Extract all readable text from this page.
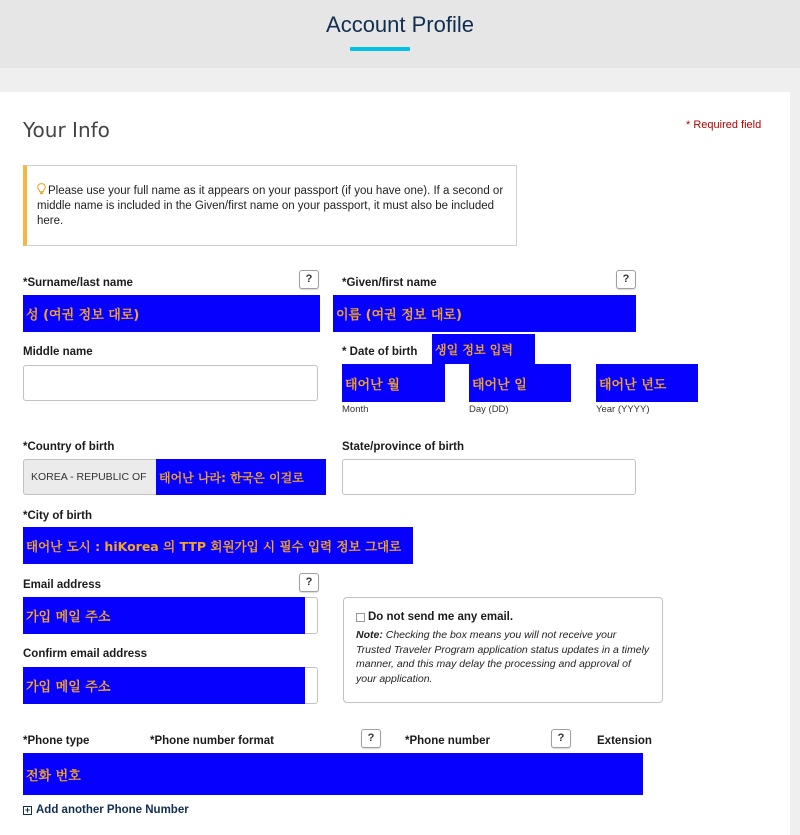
Account Profile
Your Info	* Required field
Please use your full name as it appears on your passport (if you have one). If a second or middle name is included in the Given/first name on your passport, it must also be included here.
*Surname/last name	?
성 (여권 정보 대로)
*Given/first name	?
이름 (여권 정보 대로)
Middle name	* Date of birth 생일 정보 입력
태어난 월	태어난 일	태어난 년도
Month	Day (DD)	Year (YYYY)
*Country of birth
KOREA - REPUBLIC OF	태어난 나라: 한국은 이걸로
State/province of birth
*City of birth
태어난 도시 : hiKorea 의 TTP 회원가입 시 필수 입력 정보 그대로
Email address	?
가입 메일 주소
Confirm email address
가입 메일 주소
Do not send me any email.
Note: Checking the box means you will not receive your Trusted Traveler Program application status updates in a timely manner, and this may delay the processing and approval of your application.
*Phone type	*Phone number format	?	*Phone number	?	Extension
전화 번호
+ Add another Phone Number
